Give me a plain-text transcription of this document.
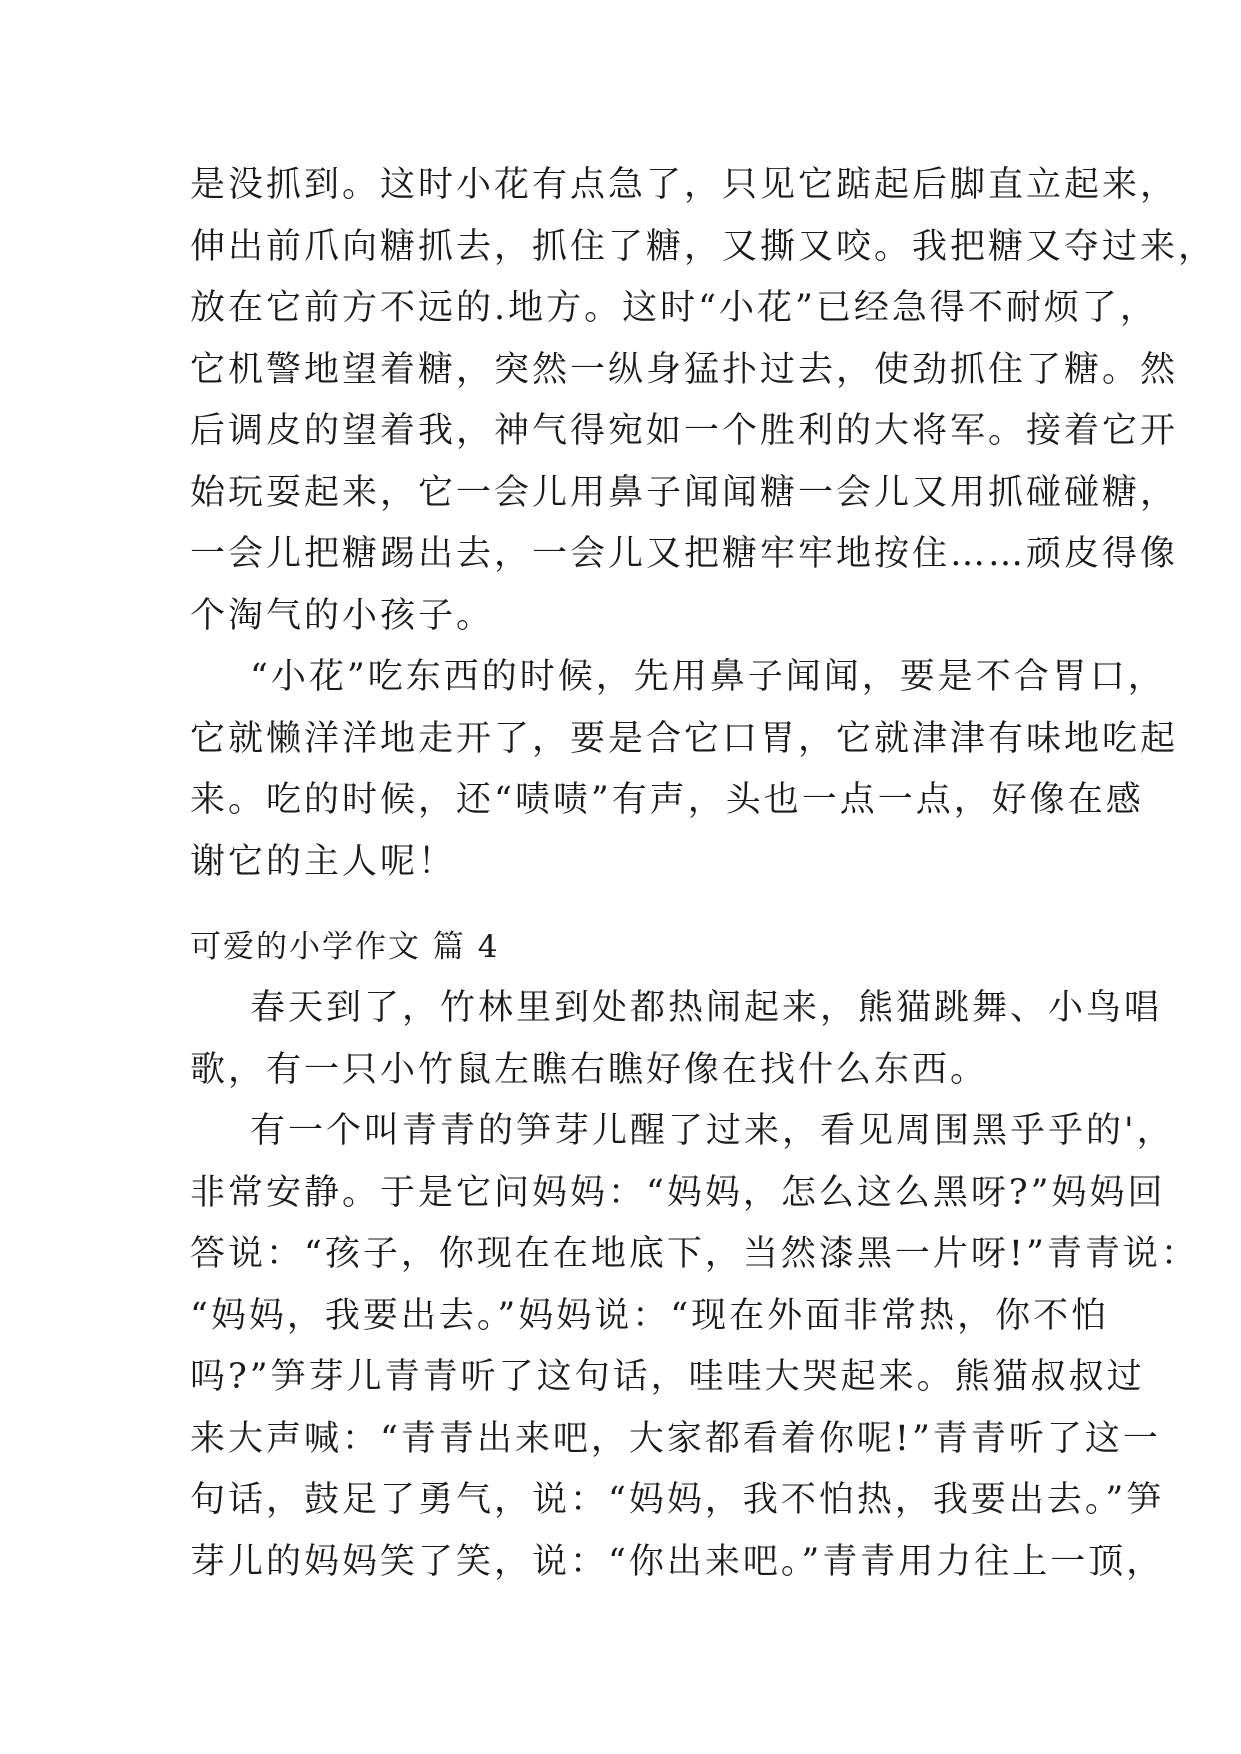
是没抓到。这时小花有点急了，只见它踮起后脚直立起来，
伸出前爪向糖抓去，抓住了糖，又撕又咬。我把糖又夺过来，
放在它前方不远的.地方。这时“小花”已经急得不耐烦了，
它机警地望着糖，突然一纵身猛扑过去，使劲抓住了糖。然
后调皮的望着我，神气得宛如一个胜利的大将军。接着它开
始玩耍起来，它一会儿用鼻子闻闻糖一会儿又用抓碰碰糖，
一会儿把糖踢出去，一会儿又把糖牢牢地按住……顽皮得像
个淘气的小孩子。
“小花”吃东西的时候，先用鼻子闻闻，要是不合胃口，
它就懒洋洋地走开了，要是合它口胃，它就津津有味地吃起
来。吃的时候，还“啧啧”有声，头也一点一点，好像在感
谢它的主人呢！
可爱的小学作文 篇 4
春天到了，竹林里到处都热闹起来，熊猫跳舞、小鸟唱
歌，有一只小竹鼠左瞧右瞧好像在找什么东西。
有一个叫青青的笋芽儿醒了过来，看见周围黑乎乎的'，
非常安静。于是它问妈妈：“妈妈，怎么这么黑呀?”妈妈回
答说：“孩子，你现在在地底下，当然漆黑一片呀!”青青说：
“妈妈，我要出去。”妈妈说：“现在外面非常热，你不怕
吗?”笋芽儿青青听了这句话，哇哇大哭起来。熊猫叔叔过
来大声喊：“青青出来吧，大家都看着你呢!”青青听了这一
句话，鼓足了勇气，说：“妈妈，我不怕热，我要出去。”笋
芽儿的妈妈笑了笑，说：“你出来吧。”青青用力往上一顶，
